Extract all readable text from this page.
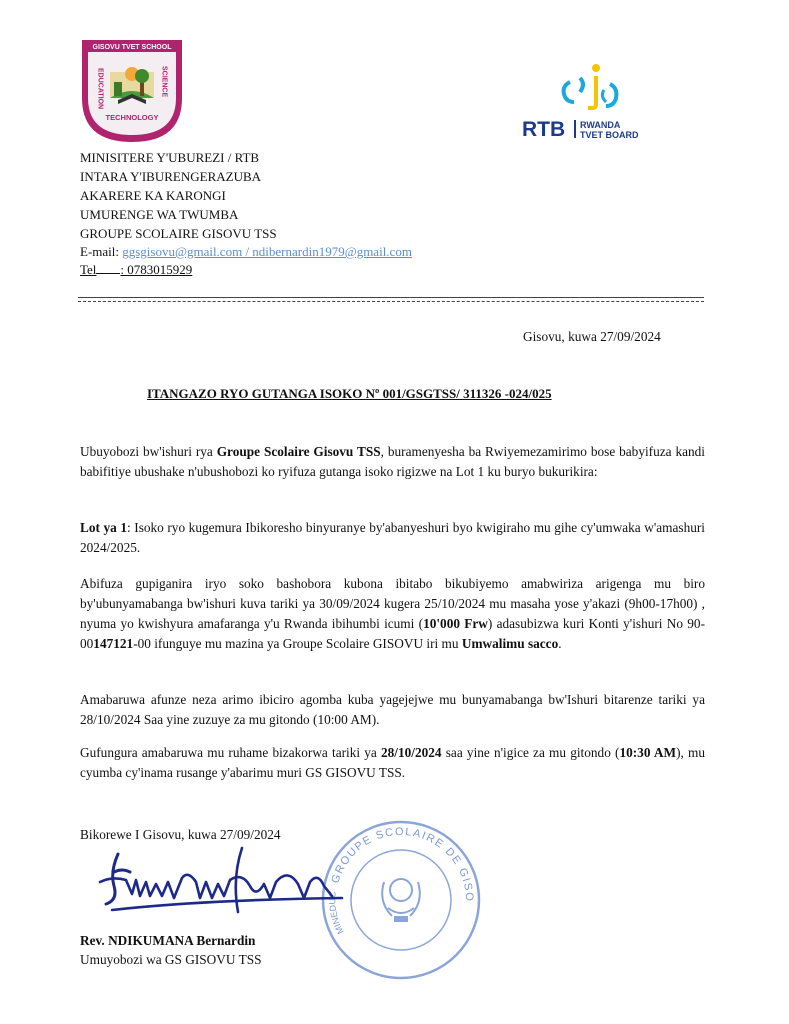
GISOVU TVET SCHOOL
EDUCATION	SCIENCE
TECHNOLOGY
RTB RWANDA
TVET BOARD
MINISITERE Y'UBUREZI / RTB
INTARA Y'IBURENGERAZUBA
AKARERE KA KARONGI
UMURENGE WA TWUMBA
GROUPE SCOLAIRE GISOVU TSS
E-mail: ggsgisovu@gmail.com / ndibernardin1979@gmail.com
Tel : 0783015929
Gisovu, kuwa 27/09/2024
ITANGAZO RYO GUTANGA ISOKO Nº 001/GSGTSS/ 311326 -024/025
Ubuyobozi bw'ishuri rya Groupe Scolaire Gisovu TSS, buramenyesha ba Rwiyemezamirimo bose babyifuza kandi babifitiye ubushake n'ubushobozi ko ryifuza gutanga isoko rigizwe na Lot 1 ku buryo bukurikira:
Lot ya 1: Isoko ryo kugemura Ibikoresho binyuranye by'abanyeshuri byo kwigiraho mu gihe cy'umwaka w'amashuri 2024/2025.
Abifuza gupiganira iryo soko bashobora kubona ibitabo bikubiyemo amabwiriza arigenga mu biro by'ubunyamabanga bw'ishuri kuva tariki ya 30/09/2024 kugera 25/10/2024 mu masaha yose y'akazi (9h00-17h00) , nyuma yo kwishyura amafaranga y'u Rwanda ibihumbi icumi (10'000 Frw) adasubizwa kuri Konti y'ishuri No 90-00147121-00 ifunguye mu mazina ya Groupe Scolaire GISOVU iri mu Umwalimu sacco.
Amabaruwa afunze neza arimo ibiciro agomba kuba yagejejwe mu bunyamabanga bw'Ishuri bitarenze tariki ya 28/10/2024 Saa yine zuzuye za mu gitondo (10:00 AM).
Gufungura amabaruwa mu ruhame bizakorwa tariki ya 28/10/2024 saa yine n'igice za mu gitondo (10:30 AM), mu cyumba cy'inama rusange y'abarimu muri GS GISOVU TSS.
Bikorewe I Gisovu, kuwa 27/09/2024
GROUPE SCOLAIRE DE GISO
MINEDUC
Rev. NDIKUMANA Bernardin
Umuyobozi wa GS GISOVU TSS
